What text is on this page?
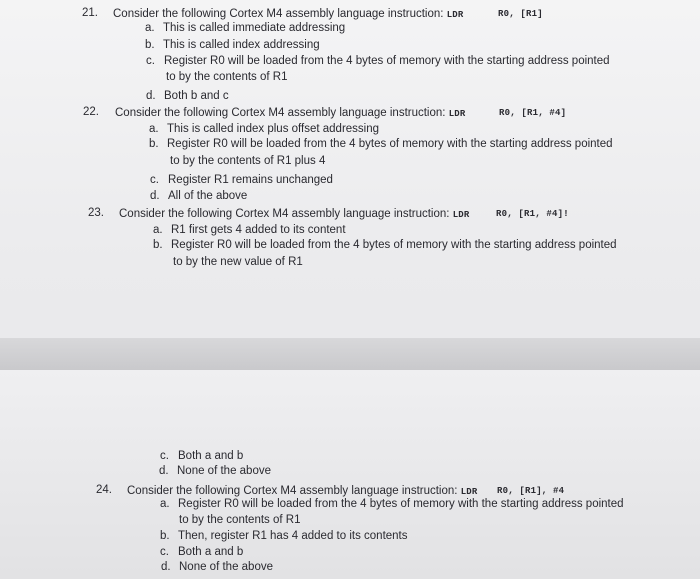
21. Consider the following Cortex M4 assembly language instruction: LDR	R0, [R1]
a. This is called immediate addressing
b. This is called index addressing
c. Register R0 will be loaded from the 4 bytes of memory with the starting address pointed
to by the contents of R1
d. Both b and c
22. Consider the following Cortex M4 assembly language instruction: LDR	R0, [R1, #4]
a. This is called index plus offset addressing
b. Register R0 will be loaded from the 4 bytes of memory with the starting address pointed
to by the contents of R1 plus 4
c. Register R1 remains unchanged
d. All of the above
23. Consider the following Cortex M4 assembly language instruction: LDR	R0, [R1, #4]!
a. R1 first gets 4 added to its content
b. Register R0 will be loaded from the 4 bytes of memory with the starting address pointed
to by the new value of R1
c. Both a and b
d. None of the above
24. Consider the following Cortex M4 assembly language instruction: LDR R0, [R1], #4
a. Register R0 will be loaded from the 4 bytes of memory with the starting address pointed
to by the contents of R1
b. Then, register R1 has 4 added to its contents
c. Both a and b
d. None of the above
